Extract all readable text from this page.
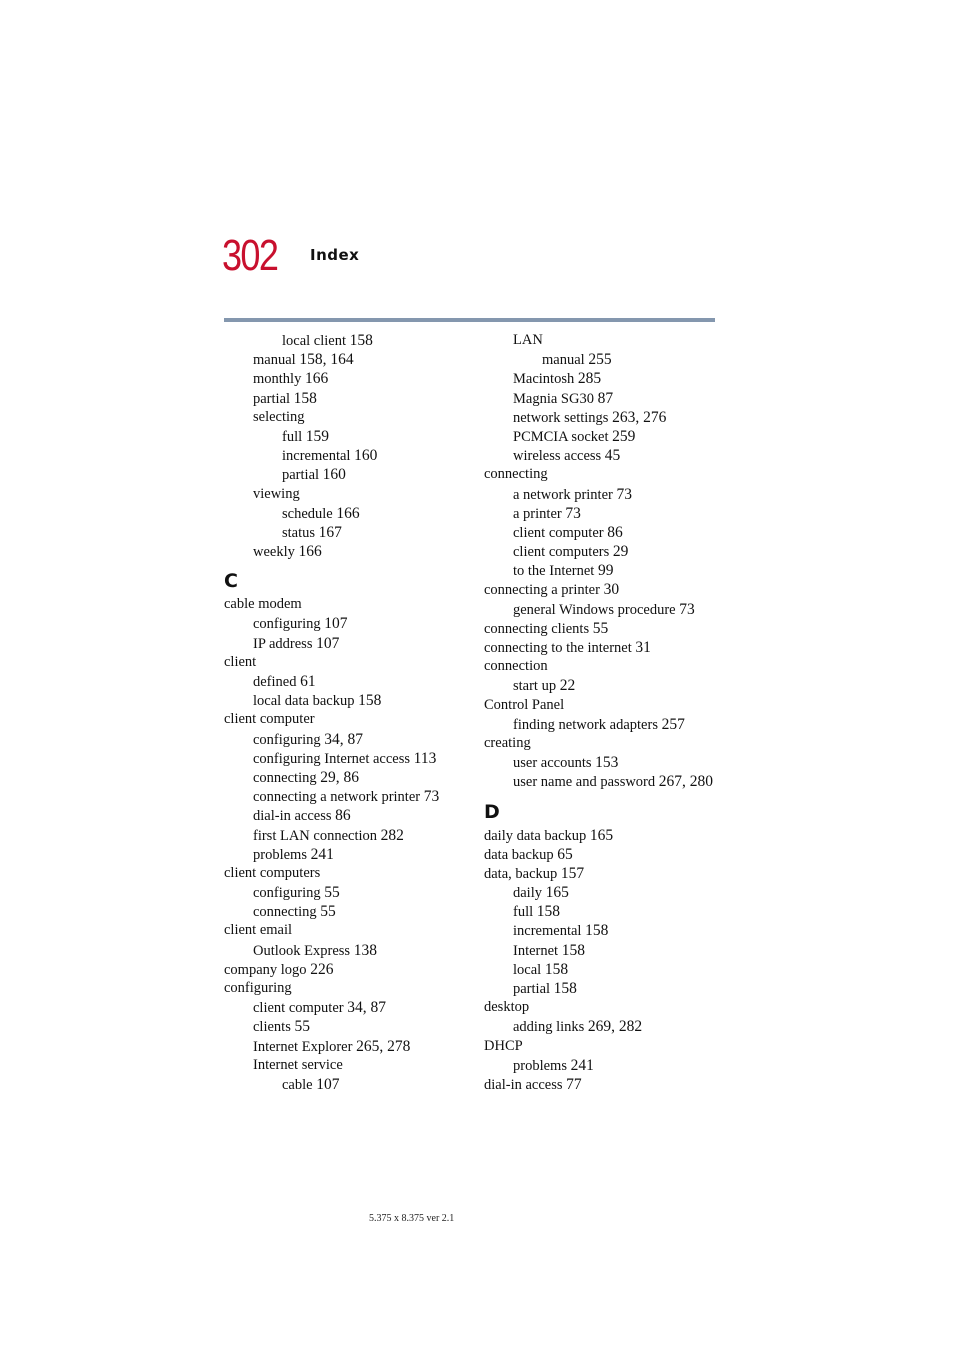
302 Index
local client 158
manual 158, 164
monthly 166
partial 158
selecting
full 159
incremental 160
partial 160
viewing
schedule 166
status 167
weekly 166
C
cable modem
configuring 107
IP address 107
client
defined 61
local data backup 158
client computer
configuring 34, 87
configuring Internet access 113
connecting 29, 86
connecting a network printer 73
dial-in access 86
first LAN connection 282
problems 241
client computers
configuring 55
connecting 55
client email
Outlook Express 138
company logo 226
configuring
client computer 34, 87
clients 55
Internet Explorer 265, 278
Internet service
cable 107
LAN
manual 255
Macintosh 285
Magnia SG30 87
network settings 263, 276
PCMCIA socket 259
wireless access 45
connecting
a network printer 73
a printer 73
client computer 86
client computers 29
to the Internet 99
connecting a printer 30
general Windows procedure 73
connecting clients 55
connecting to the internet 31
connection
start up 22
Control Panel
finding network adapters 257
creating
user accounts 153
user name and password 267, 280
D
daily data backup 165
data backup 65
data, backup 157
daily 165
full 158
incremental 158
Internet 158
local 158
partial 158
desktop
adding links 269, 282
DHCP
problems 241
dial-in access 77
5.375 x 8.375 ver 2.1
